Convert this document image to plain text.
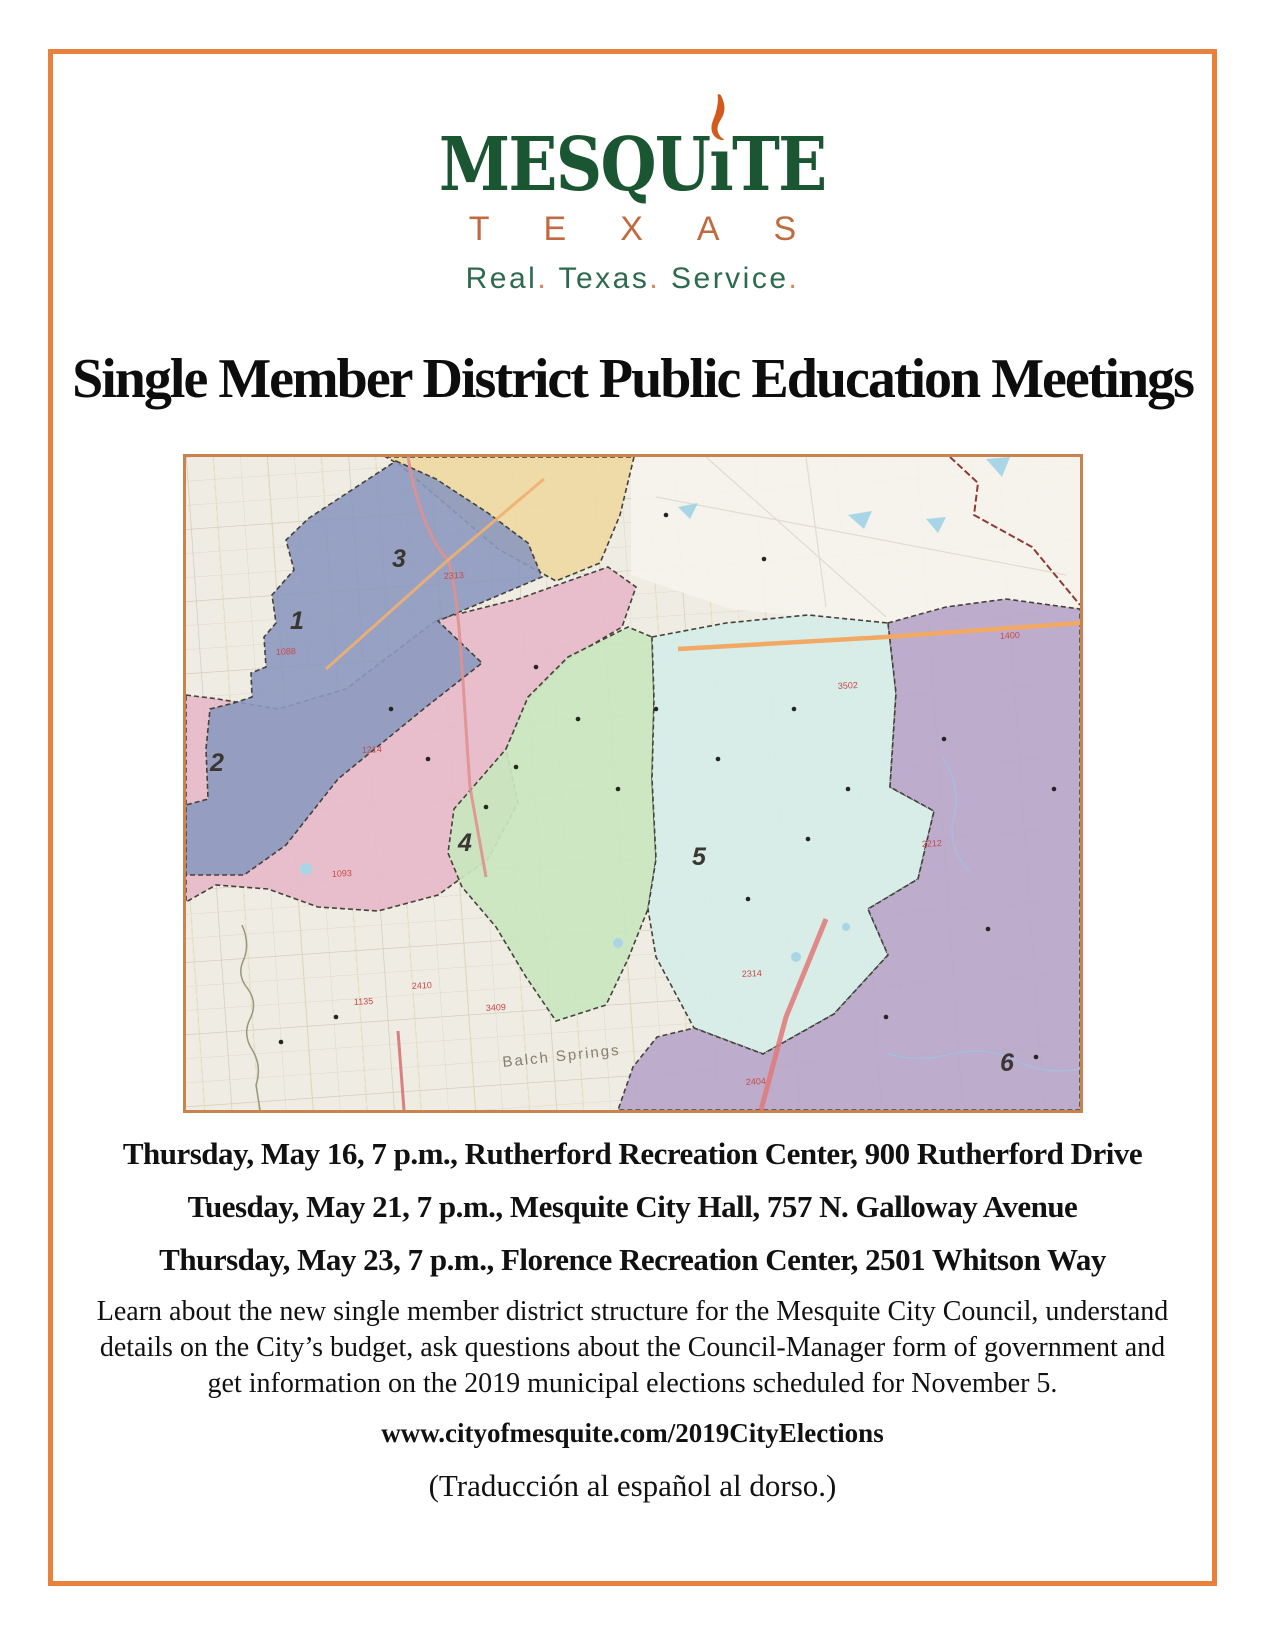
MESQUı
TE
TEXAS
Real. Texas. Service.
Single Member District Public Education Meetings
Balch Springs
1088
1214
2313
1093
1135
2410
3409
2314
3502
1400
2212
2404
1
2
3
4	5
6

Thursday, May 16, 7 p.m., Rutherford Recreation Center, 900 Rutherford Drive

Tuesday, May 21, 7 p.m., Mesquite City Hall, 757 N. Galloway Avenue

Thursday, May 23, 7 p.m., Florence Recreation Center, 2501 Whitson Way

Learn about the new single member district structure for the Mesquite City Council, understand
details on the City’s budget, ask questions about the Council-Manager form of government and
get information on the 2019 municipal elections scheduled for November 5.
www.cityofmesquite.com/2019CityElections
(Traducción al español al dorso.)
